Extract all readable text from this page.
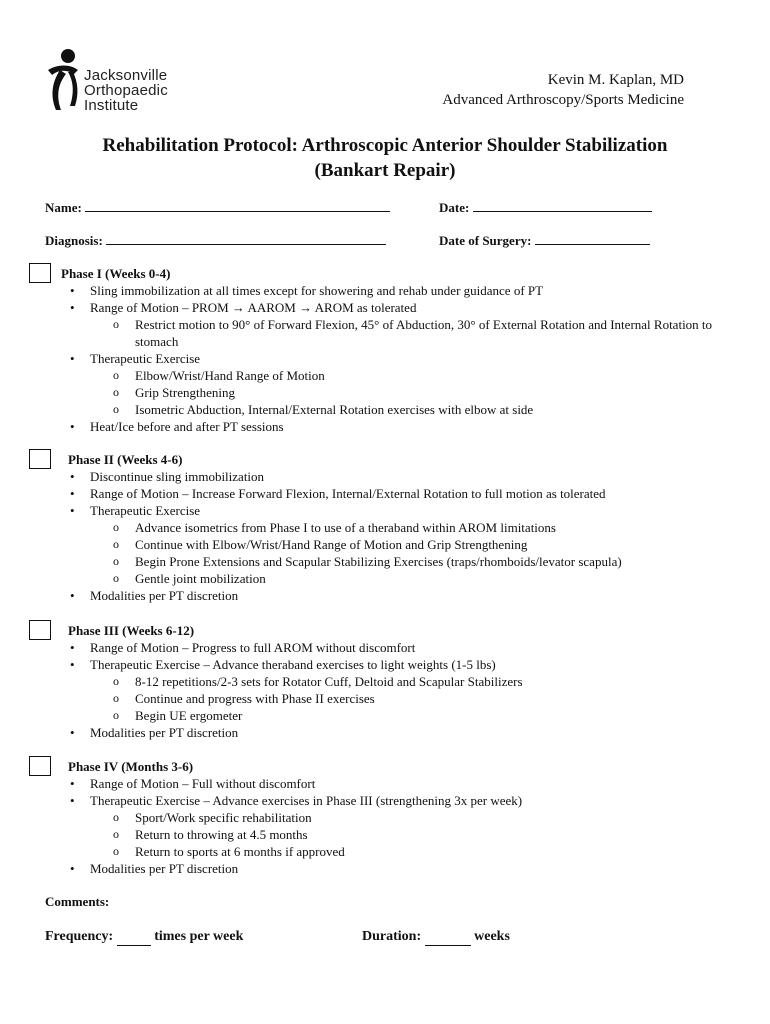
Jacksonville
Orthopaedic
Institute
Kevin M. Kaplan, MD
Advanced Arthroscopy/Sports Medicine
Rehabilitation Protocol: Arthroscopic Anterior Shoulder Stabilization
(Bankart Repair)
Name:	Date:
Diagnosis:	Date of Surgery:
Phase I (Weeks 0-4)
• Sling immobilization at all times except for showering and rehab under guidance of PT
• Range of Motion – PROM → AAROM → AROM as tolerated
o Restrict motion to 90° of Forward Flexion, 45° of Abduction, 30° of External Rotation and Internal Rotation to stomach
• Therapeutic Exercise
o Elbow/Wrist/Hand Range of Motion
o Grip Strengthening
o Isometric Abduction, Internal/External Rotation exercises with elbow at side
• Heat/Ice before and after PT sessions
Phase II (Weeks 4-6)
• Discontinue sling immobilization
• Range of Motion – Increase Forward Flexion, Internal/External Rotation to full motion as tolerated
• Therapeutic Exercise
o Advance isometrics from Phase I to use of a theraband within AROM limitations
o Continue with Elbow/Wrist/Hand Range of Motion and Grip Strengthening
o Begin Prone Extensions and Scapular Stabilizing Exercises (traps/rhomboids/levator scapula)
o Gentle joint mobilization
• Modalities per PT discretion
Phase III (Weeks 6-12)
• Range of Motion – Progress to full AROM without discomfort
• Therapeutic Exercise – Advance theraband exercises to light weights (1-5 lbs)
o 8-12 repetitions/2-3 sets for Rotator Cuff, Deltoid and Scapular Stabilizers
o Continue and progress with Phase II exercises
o Begin UE ergometer
• Modalities per PT discretion
Phase IV (Months 3-6)
• Range of Motion – Full without discomfort
• Therapeutic Exercise – Advance exercises in Phase III (strengthening 3x per week)
o Sport/Work specific rehabilitation
o Return to throwing at 4.5 months
o Return to sports at 6 months if approved
• Modalities per PT discretion
Comments:
Frequency:	times per week	Duration:	weeks
